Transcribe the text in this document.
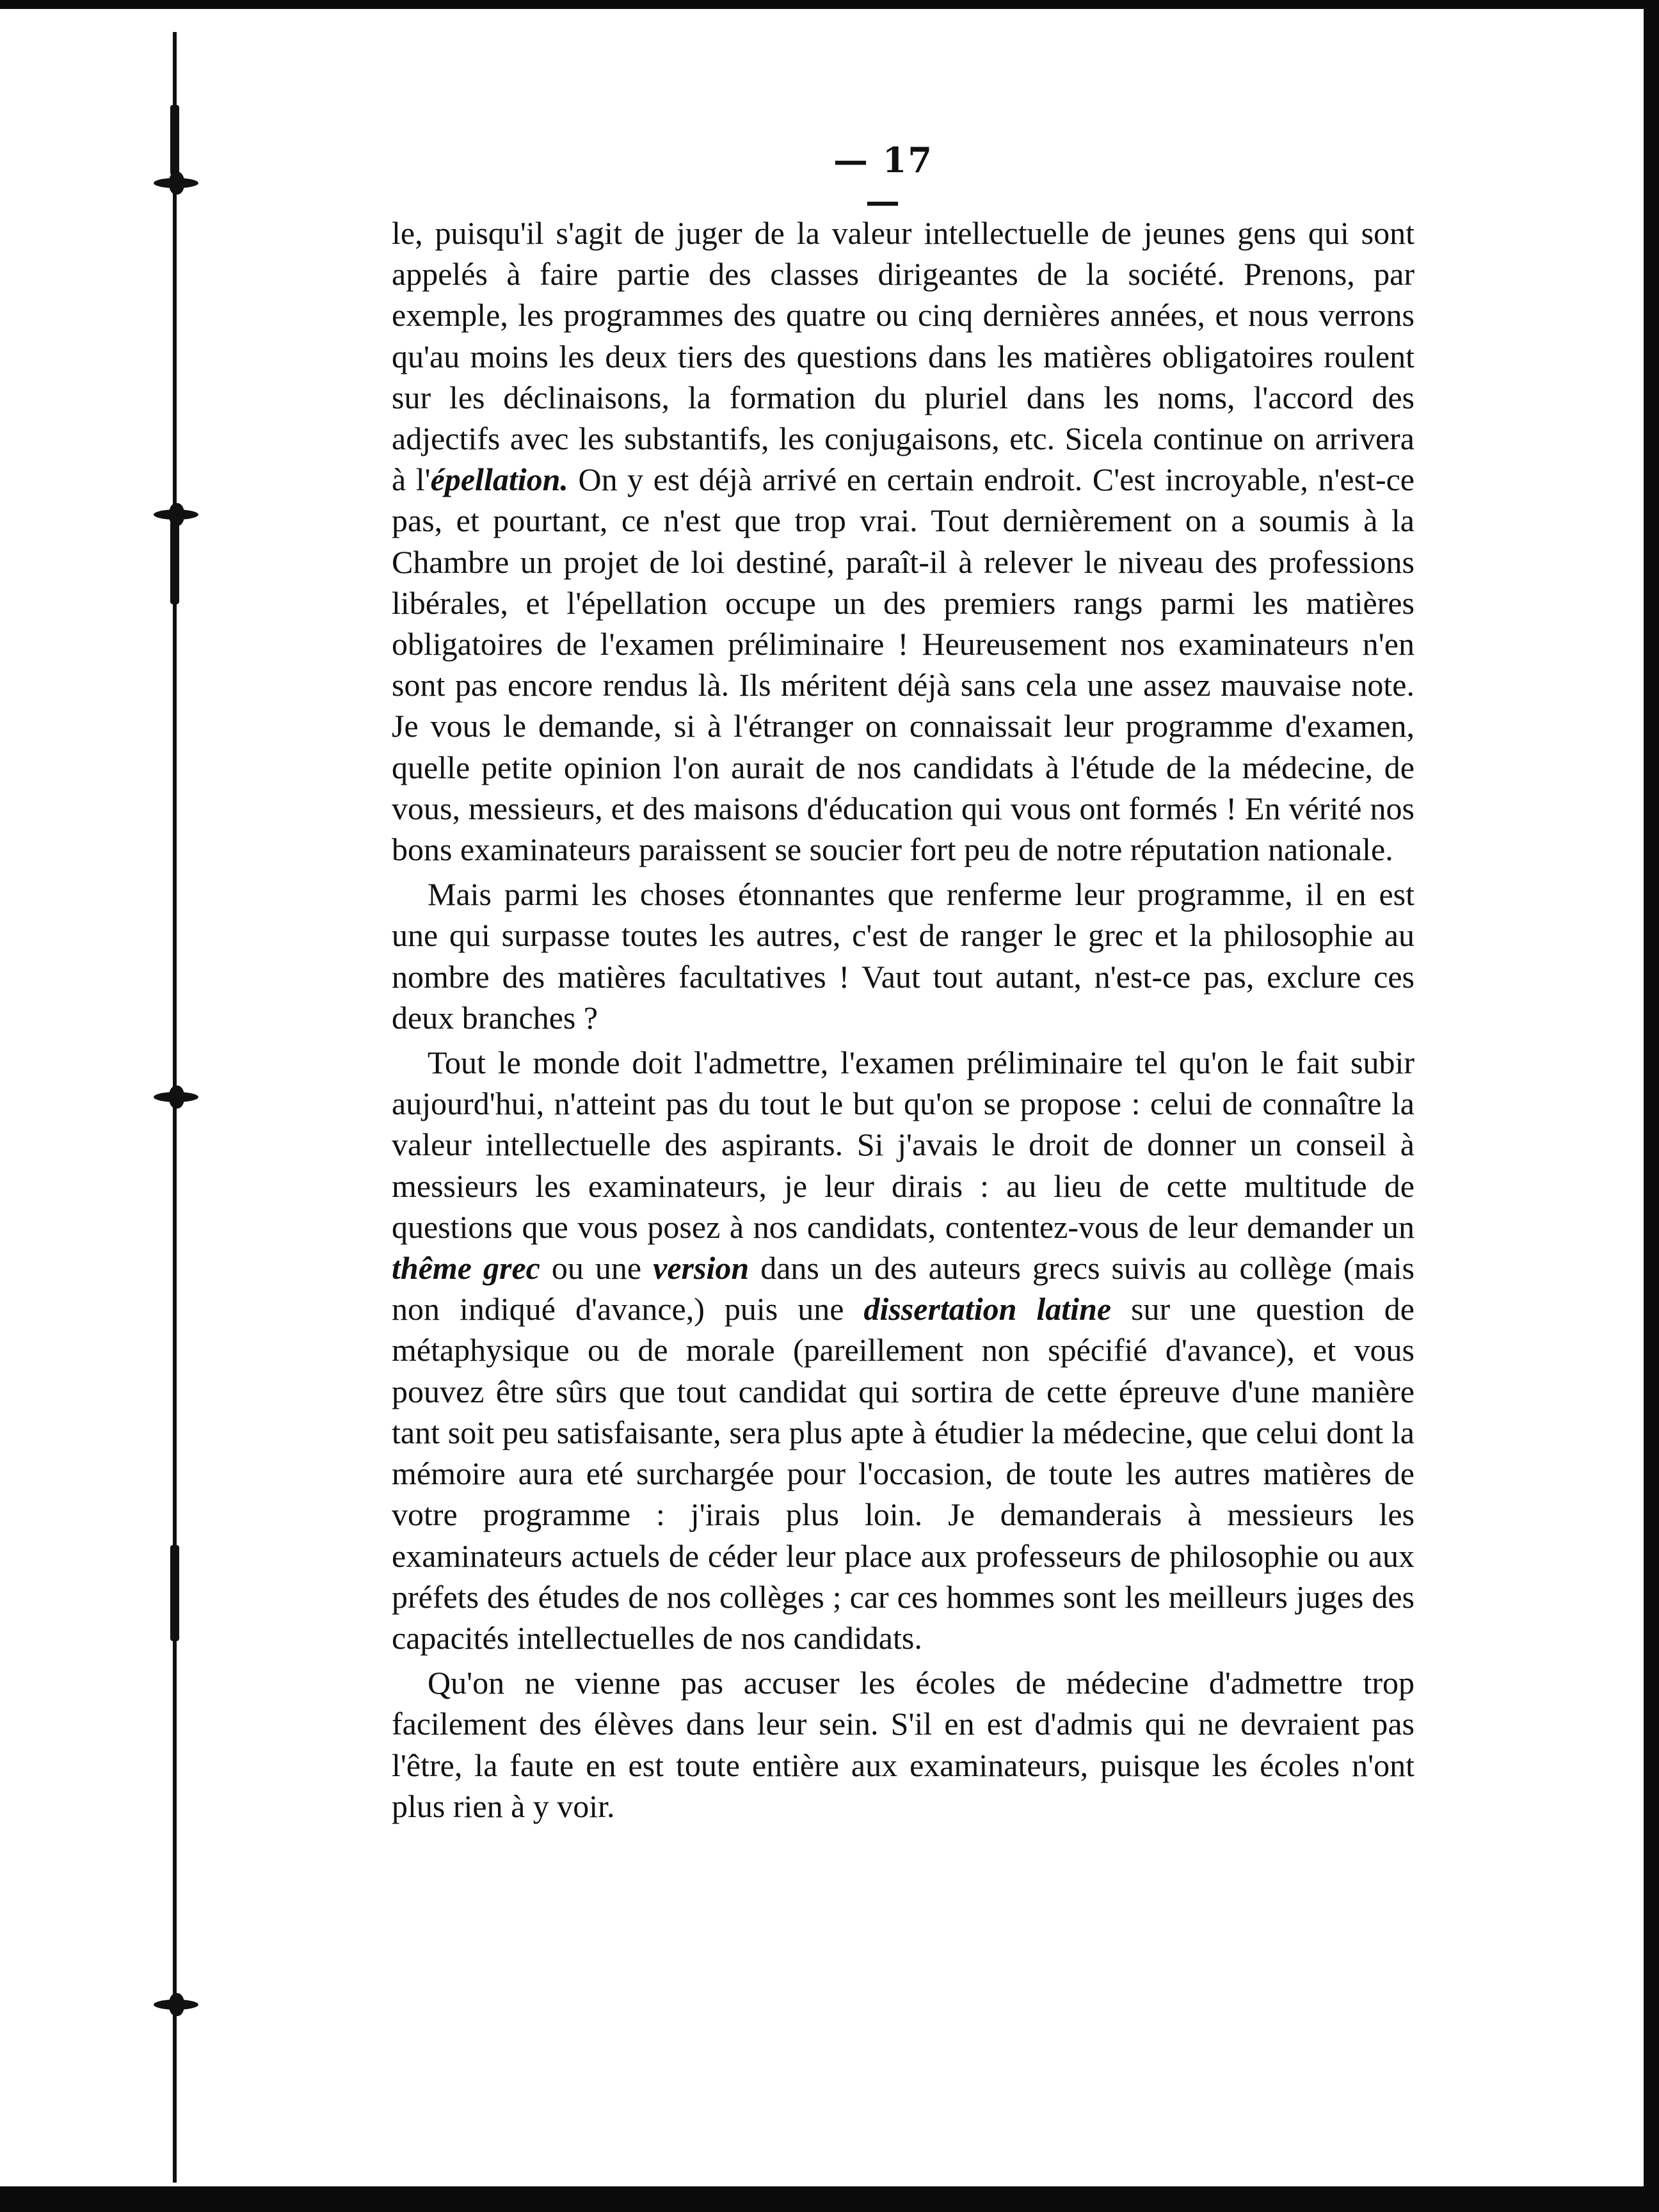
— 17 —

le, puisqu'il s'agit de juger de la valeur intellectuelle de jeunes gens qui sont appelés à faire partie des classes dirigeantes de la société. Prenons, par exemple, les programmes des quatre ou cinq dernières années, et nous verrons qu'au moins les deux tiers des questions dans les matières obligatoires roulent sur les déclinaisons, la formation du pluriel dans les noms, l'accord des adjectifs avec les substantifs, les conjugaisons, etc. Sicela continue on arrivera à l'épellation. On y est déjà arrivé en certain endroit. C'est incroyable, n'est-ce pas, et pourtant, ce n'est que trop vrai. Tout dernièrement on a soumis à la Chambre un projet de loi destiné, paraît-il à relever le niveau des professions libérales, et l'épellation occupe un des premiers rangs parmi les matières obligatoires de l'examen préliminaire ! Heureusement nos examinateurs n'en sont pas encore rendus là. Ils méritent déjà sans cela une assez mauvaise note. Je vous le demande, si à l'étranger on connaissait leur programme d'examen, quelle petite opinion l'on aurait de nos candidats à l'étude de la médecine, de vous, messieurs, et des maisons d'éducation qui vous ont formés ! En vérité nos bons examinateurs paraissent se soucier fort peu de notre réputation nationale.

Mais parmi les choses étonnantes que renferme leur programme, il en est une qui surpasse toutes les autres, c'est de ranger le grec et la philosophie au nombre des matières facultatives ! Vaut tout autant, n'est-ce pas, exclure ces deux branches ?

Tout le monde doit l'admettre, l'examen préliminaire tel qu'on le fait subir aujourd'hui, n'atteint pas du tout le but qu'on se propose : celui de connaître la valeur intellectuelle des aspirants. Si j'avais le droit de donner un conseil à messieurs les examinateurs, je leur dirais : au lieu de cette multitude de questions que vous posez à nos candidats, contentez-vous de leur demander un thême grec ou une version dans un des auteurs grecs suivis au collège (mais non indiqué d'avance,) puis une dissertation latine sur une question de métaphysique ou de morale (pareillement non spécifié d'avance), et vous pouvez être sûrs que tout candidat qui sortira de cette épreuve d'une manière tant soit peu satisfaisante, sera plus apte à étudier la médecine, que celui dont la mémoire aura eté surchargée pour l'occasion, de toute les autres matières de votre programme : j'irais plus loin. Je demanderais à messieurs les examinateurs actuels de céder leur place aux professeurs de philosophie ou aux préfets des études de nos collèges ; car ces hommes sont les meilleurs juges des capacités intellectuelles de nos candidats.

Qu'on ne vienne pas accuser les écoles de médecine d'admettre trop facilement des élèves dans leur sein. S'il en est d'admis qui ne devraient pas l'être, la faute en est toute entière aux examinateurs, puisque les écoles n'ont plus rien à y voir.
